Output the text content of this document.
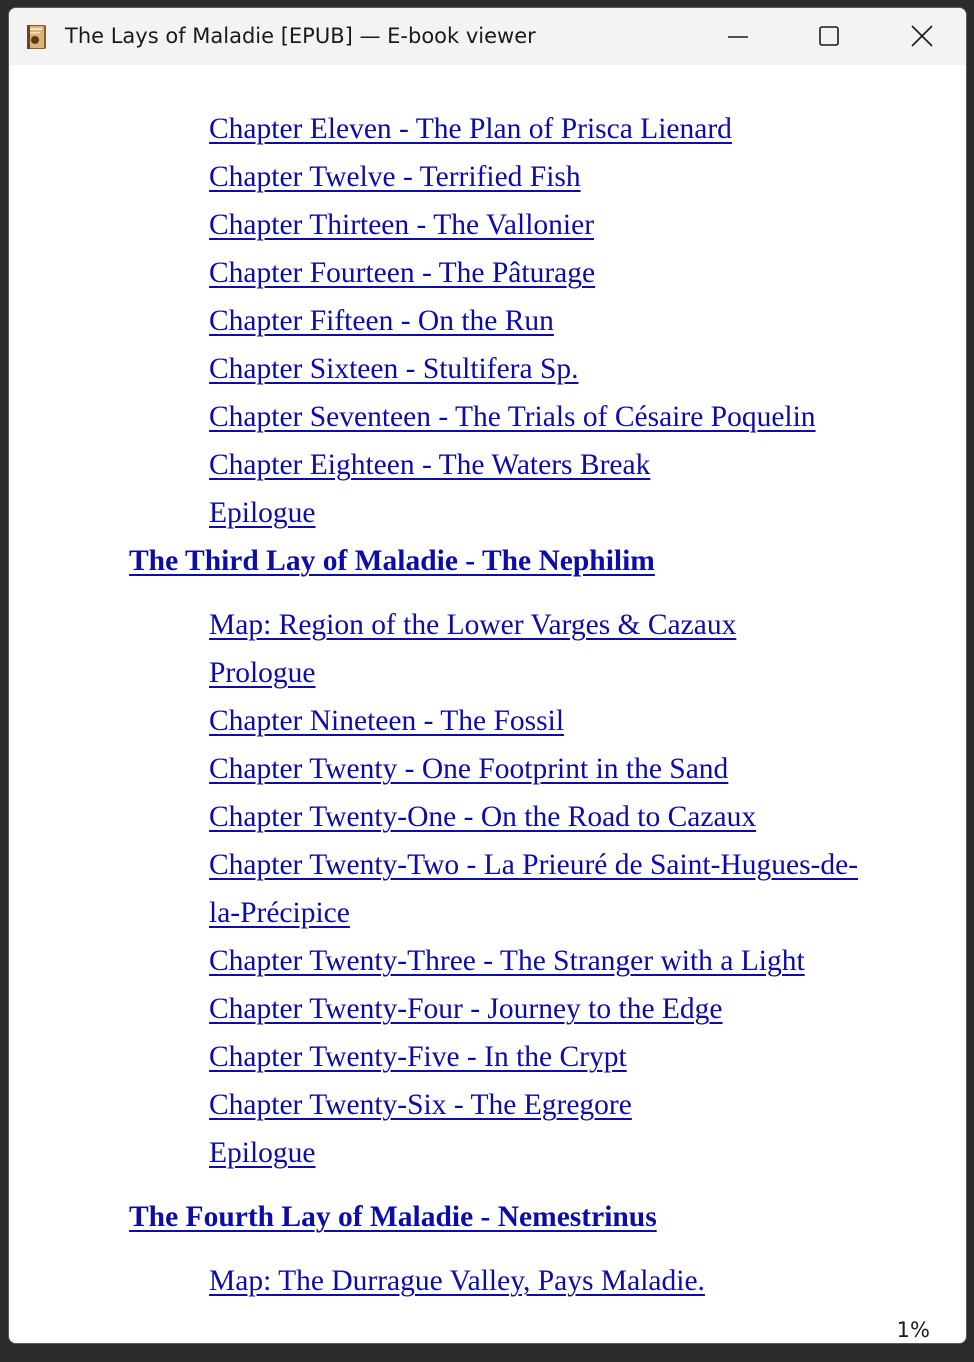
The Lays of Maladie [EPUB] — E-book viewer
Chapter Eleven - The Plan of Prisca Lienard
Chapter Twelve - Terrified Fish
Chapter Thirteen - The Vallonier
Chapter Fourteen - The Pâturage
Chapter Fifteen - On the Run
Chapter Sixteen - Stultifera Sp.
Chapter Seventeen - The Trials of Césaire Poquelin
Chapter Eighteen - The Waters Break
Epilogue
The Third Lay of Maladie - The Nephilim
Map: Region of the Lower Varges & Cazaux
Prologue
Chapter Nineteen - The Fossil
Chapter Twenty - One Footprint in the Sand
Chapter Twenty-One - On the Road to Cazaux
Chapter Twenty-Two - La Prieuré de Saint-Hugues-de-
la-Précipice
Chapter Twenty-Three - The Stranger with a Light
Chapter Twenty-Four - Journey to the Edge
Chapter Twenty-Five - In the Crypt
Chapter Twenty-Six - The Egregore
Epilogue
The Fourth Lay of Maladie - Nemestrinus
Map: The Durrague Valley, Pays Maladie.
1%
